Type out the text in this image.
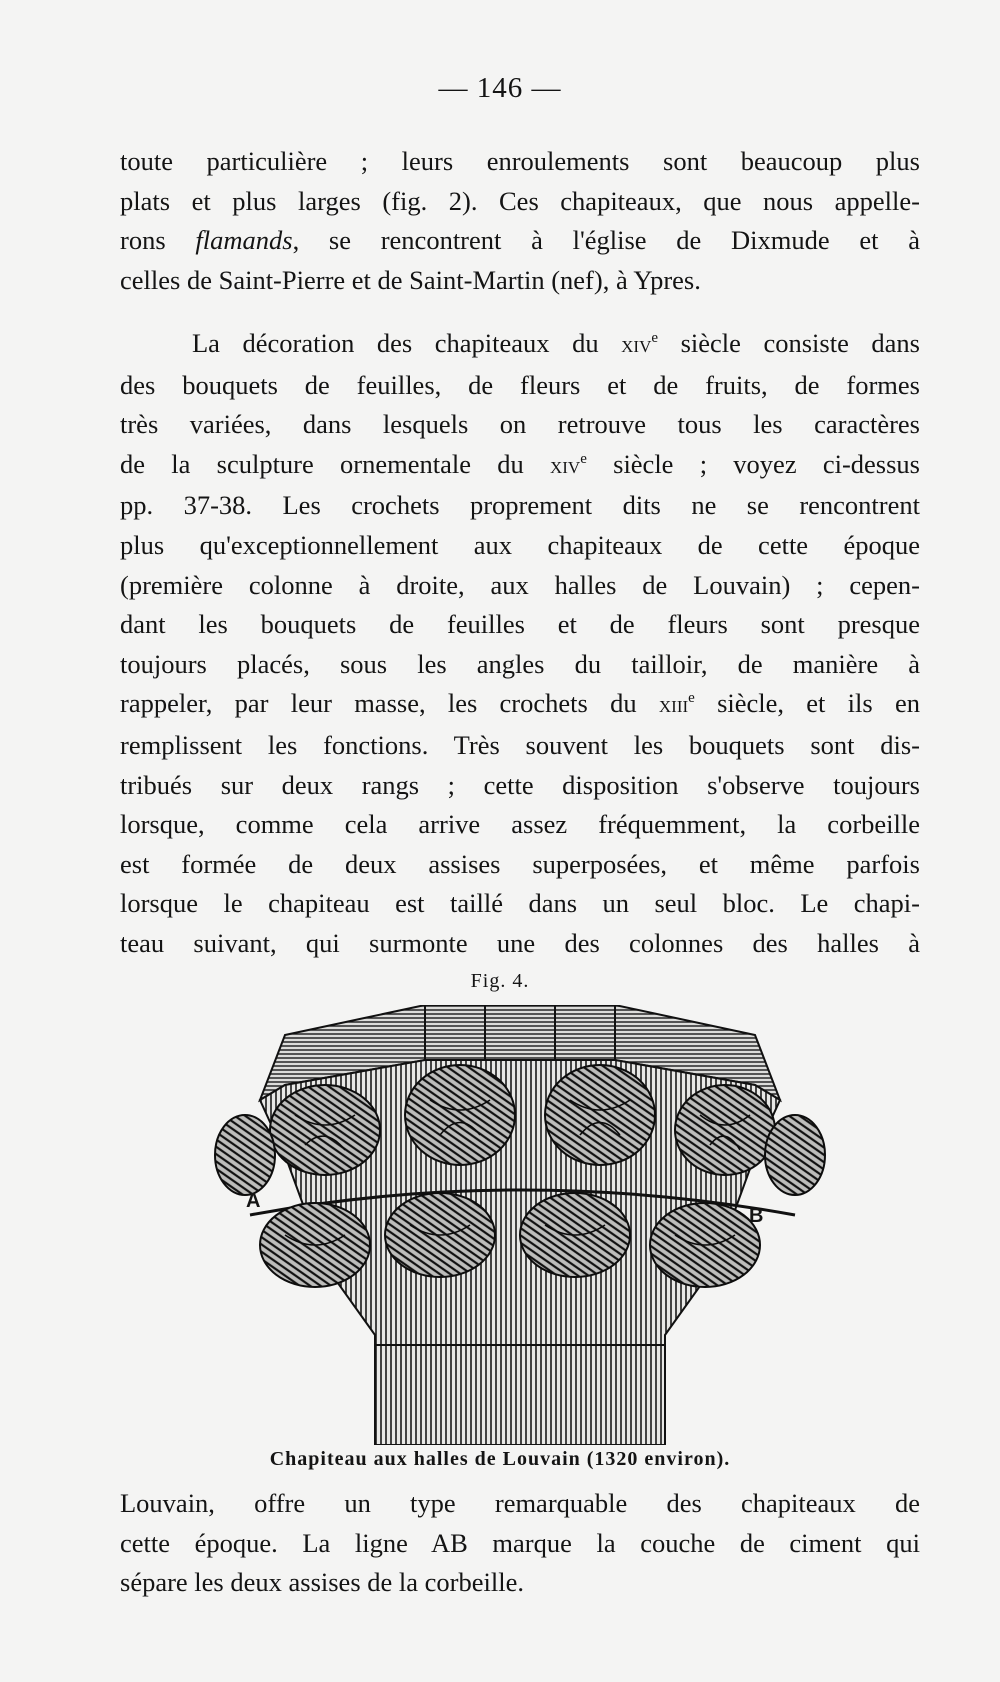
— 146 —
toute particulière ; leurs enroulements sont beaucoup plus
plats et plus larges (fig. 2). Ces chapiteaux, que nous appelle-
rons flamands, se rencontrent à l'église de Dixmude et à
celles de Saint-Pierre et de Saint-Martin (nef), à Ypres.
La décoration des chapiteaux du xiv$^e$ siècle consiste dans
des bouquets de feuilles, de fleurs et de fruits, de formes
très variées, dans lesquels on retrouve tous les caractères
de la sculpture ornementale du xiv$^e$ siècle ; voyez ci-dessus
pp. 37-38. Les crochets proprement dits ne se rencontrent
plus qu'exceptionnellement aux chapiteaux de cette époque
(première colonne à droite, aux halles de Louvain) ; cepen-
dant les bouquets de feuilles et de fleurs sont presque
toujours placés, sous les angles du tailloir, de manière à
rappeler, par leur masse, les crochets du xiii$^e$ siècle, et ils en
remplissent les fonctions. Très souvent les bouquets sont dis-
tribués sur deux rangs ; cette disposition s'observe toujours
lorsque, comme cela arrive assez fréquemment, la corbeille
est formée de deux assises superposées, et même parfois
lorsque le chapiteau est taillé dans un seul bloc. Le chapi-
teau suivant, qui surmonte une des colonnes des halles à
Fig. 4.
A
B
Chapiteau aux halles de Louvain (1320 environ).
Louvain, offre un type remarquable des chapiteaux de
cette époque. La ligne AB marque la couche de ciment qui
sépare les deux assises de la corbeille.
